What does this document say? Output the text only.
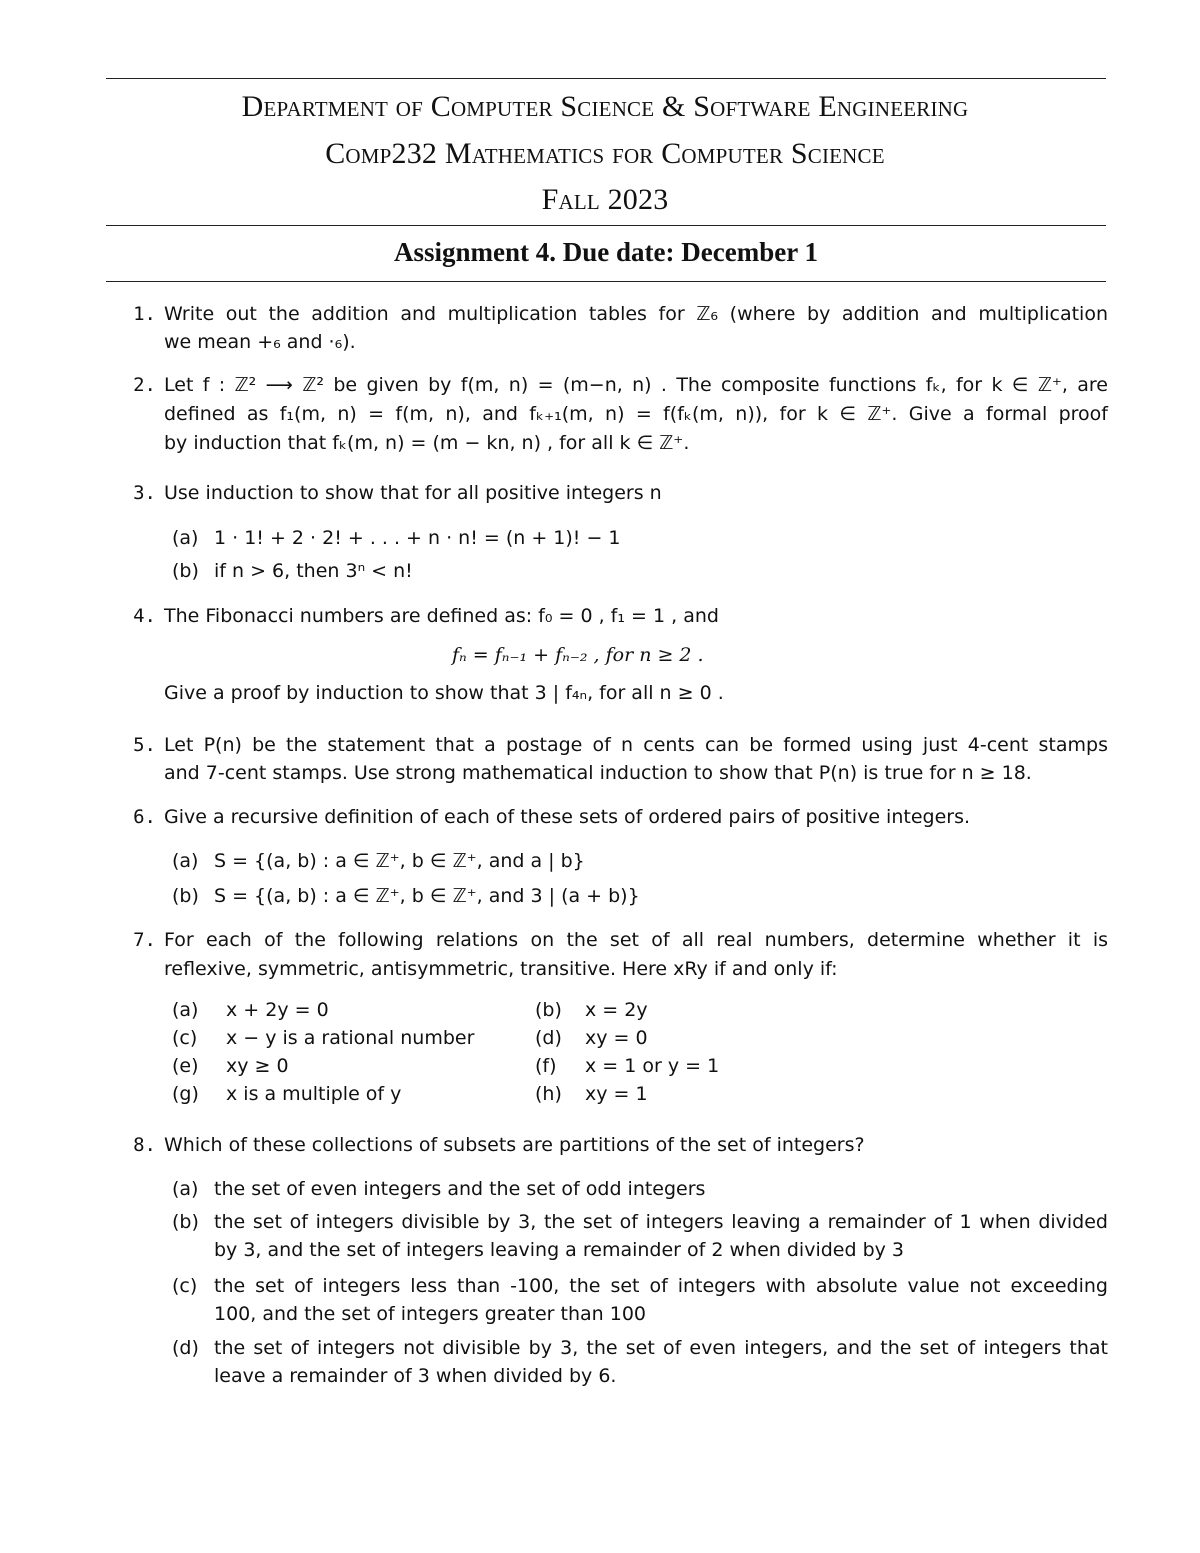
Department of Computer Science & Software Engineering
Comp232 Mathematics for Computer Science
Fall 2023
Assignment 4. Due date: December 1
1. Write out the addition and multiplication tables for ℤ₆ (where by addition and multiplication
we mean +₆ and ·₆).
2. Let f : ℤ² ⟶ ℤ² be given by f(m, n) = (m−n, n) . The composite functions fₖ, for k ∈ ℤ⁺, are
defined as f₁(m, n) = f(m, n), and fₖ₊₁(m, n) = f(fₖ(m, n)), for k ∈ ℤ⁺. Give a formal proof
by induction that fₖ(m, n) = (m − kn, n) , for all k ∈ ℤ⁺.
3. Use induction to show that for all positive integers n
(a) 1 · 1! + 2 · 2! + . . . + n · n! = (n + 1)! − 1
(b) if n > 6, then 3ⁿ < n!
4. The Fibonacci numbers are defined as: f₀ = 0 , f₁ = 1 , and
fₙ = fₙ₋₁ + fₙ₋₂ , for n ≥ 2 .
Give a proof by induction to show that 3 | f₄ₙ, for all n ≥ 0 .
5. Let P(n) be the statement that a postage of n cents can be formed using just 4-cent stamps
and 7-cent stamps. Use strong mathematical induction to show that P(n) is true for n ≥ 18.
6. Give a recursive definition of each of these sets of ordered pairs of positive integers.
(a) S = {(a, b) : a ∈ ℤ⁺, b ∈ ℤ⁺, and a | b}
(b) S = {(a, b) : a ∈ ℤ⁺, b ∈ ℤ⁺, and 3 | (a + b)}
7. For each of the following relations on the set of all real numbers, determine whether it is
reflexive, symmetric, antisymmetric, transitive. Here xRy if and only if:
(a)	x + 2y = 0	(b)	x = 2y
(c)	x − y is a rational number	(d)	xy = 0
(e)	xy ≥ 0	(f)	x = 1 or y = 1
(g)	x is a multiple of y	(h)	xy = 1
8. Which of these collections of subsets are partitions of the set of integers?
(a) the set of even integers and the set of odd integers
(b) the set of integers divisible by 3, the set of integers leaving a remainder of 1 when divided
by 3, and the set of integers leaving a remainder of 2 when divided by 3
(c) the set of integers less than -100, the set of integers with absolute value not exceeding
100, and the set of integers greater than 100
(d) the set of integers not divisible by 3, the set of even integers, and the set of integers that
leave a remainder of 3 when divided by 6.
